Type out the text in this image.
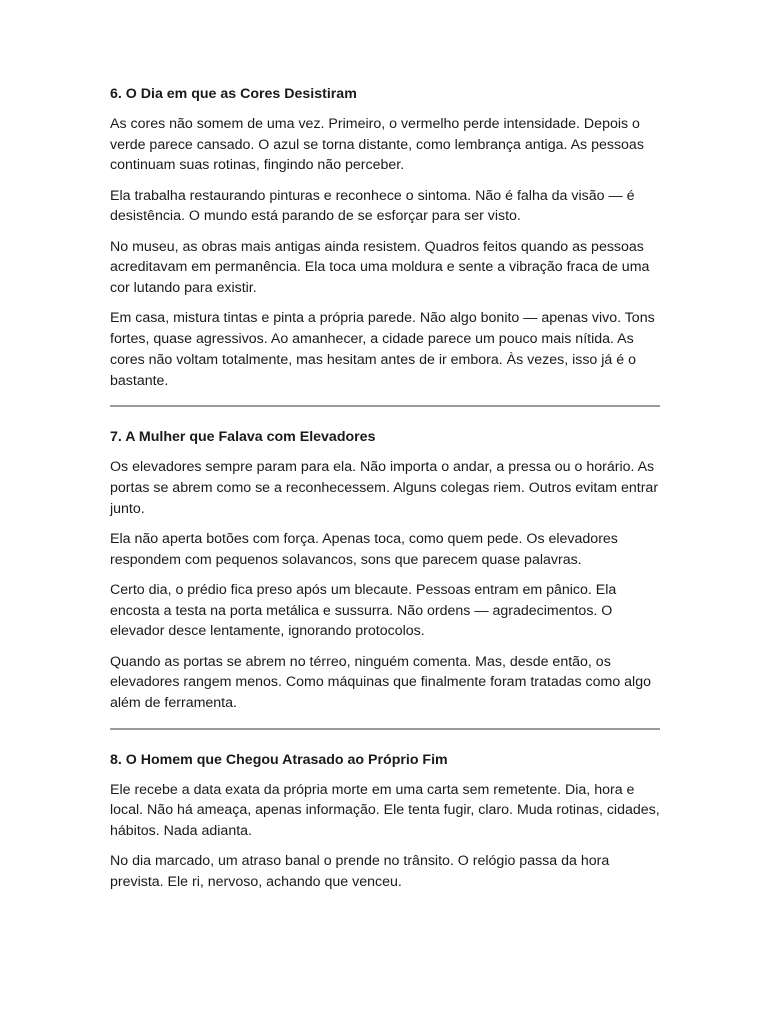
6. O Dia em que as Cores Desistiram

As cores não somem de uma vez. Primeiro, o vermelho perde intensidade. Depois o verde parece cansado. O azul se torna distante, como lembrança antiga. As pessoas continuam suas rotinas, fingindo não perceber.

Ela trabalha restaurando pinturas e reconhece o sintoma. Não é falha da visão — é desistência. O mundo está parando de se esforçar para ser visto.

No museu, as obras mais antigas ainda resistem. Quadros feitos quando as pessoas acreditavam em permanência. Ela toca uma moldura e sente a vibração fraca de uma cor lutando para existir.

Em casa, mistura tintas e pinta a própria parede. Não algo bonito — apenas vivo. Tons fortes, quase agressivos. Ao amanhecer, a cidade parece um pouco mais nítida. As cores não voltam totalmente, mas hesitam antes de ir embora. Às vezes, isso já é o bastante.

7. A Mulher que Falava com Elevadores

Os elevadores sempre param para ela. Não importa o andar, a pressa ou o horário. As portas se abrem como se a reconhecessem. Alguns colegas riem. Outros evitam entrar junto.

Ela não aperta botões com força. Apenas toca, como quem pede. Os elevadores respondem com pequenos solavancos, sons que parecem quase palavras.

Certo dia, o prédio fica preso após um blecaute. Pessoas entram em pânico. Ela encosta a testa na porta metálica e sussurra. Não ordens — agradecimentos. O elevador desce lentamente, ignorando protocolos.

Quando as portas se abrem no térreo, ninguém comenta. Mas, desde então, os elevadores rangem menos. Como máquinas que finalmente foram tratadas como algo além de ferramenta.

8. O Homem que Chegou Atrasado ao Próprio Fim

Ele recebe a data exata da própria morte em uma carta sem remetente. Dia, hora e local. Não há ameaça, apenas informação. Ele tenta fugir, claro. Muda rotinas, cidades, hábitos. Nada adianta.

No dia marcado, um atraso banal o prende no trânsito. O relógio passa da hora prevista. Ele ri, nervoso, achando que venceu.
